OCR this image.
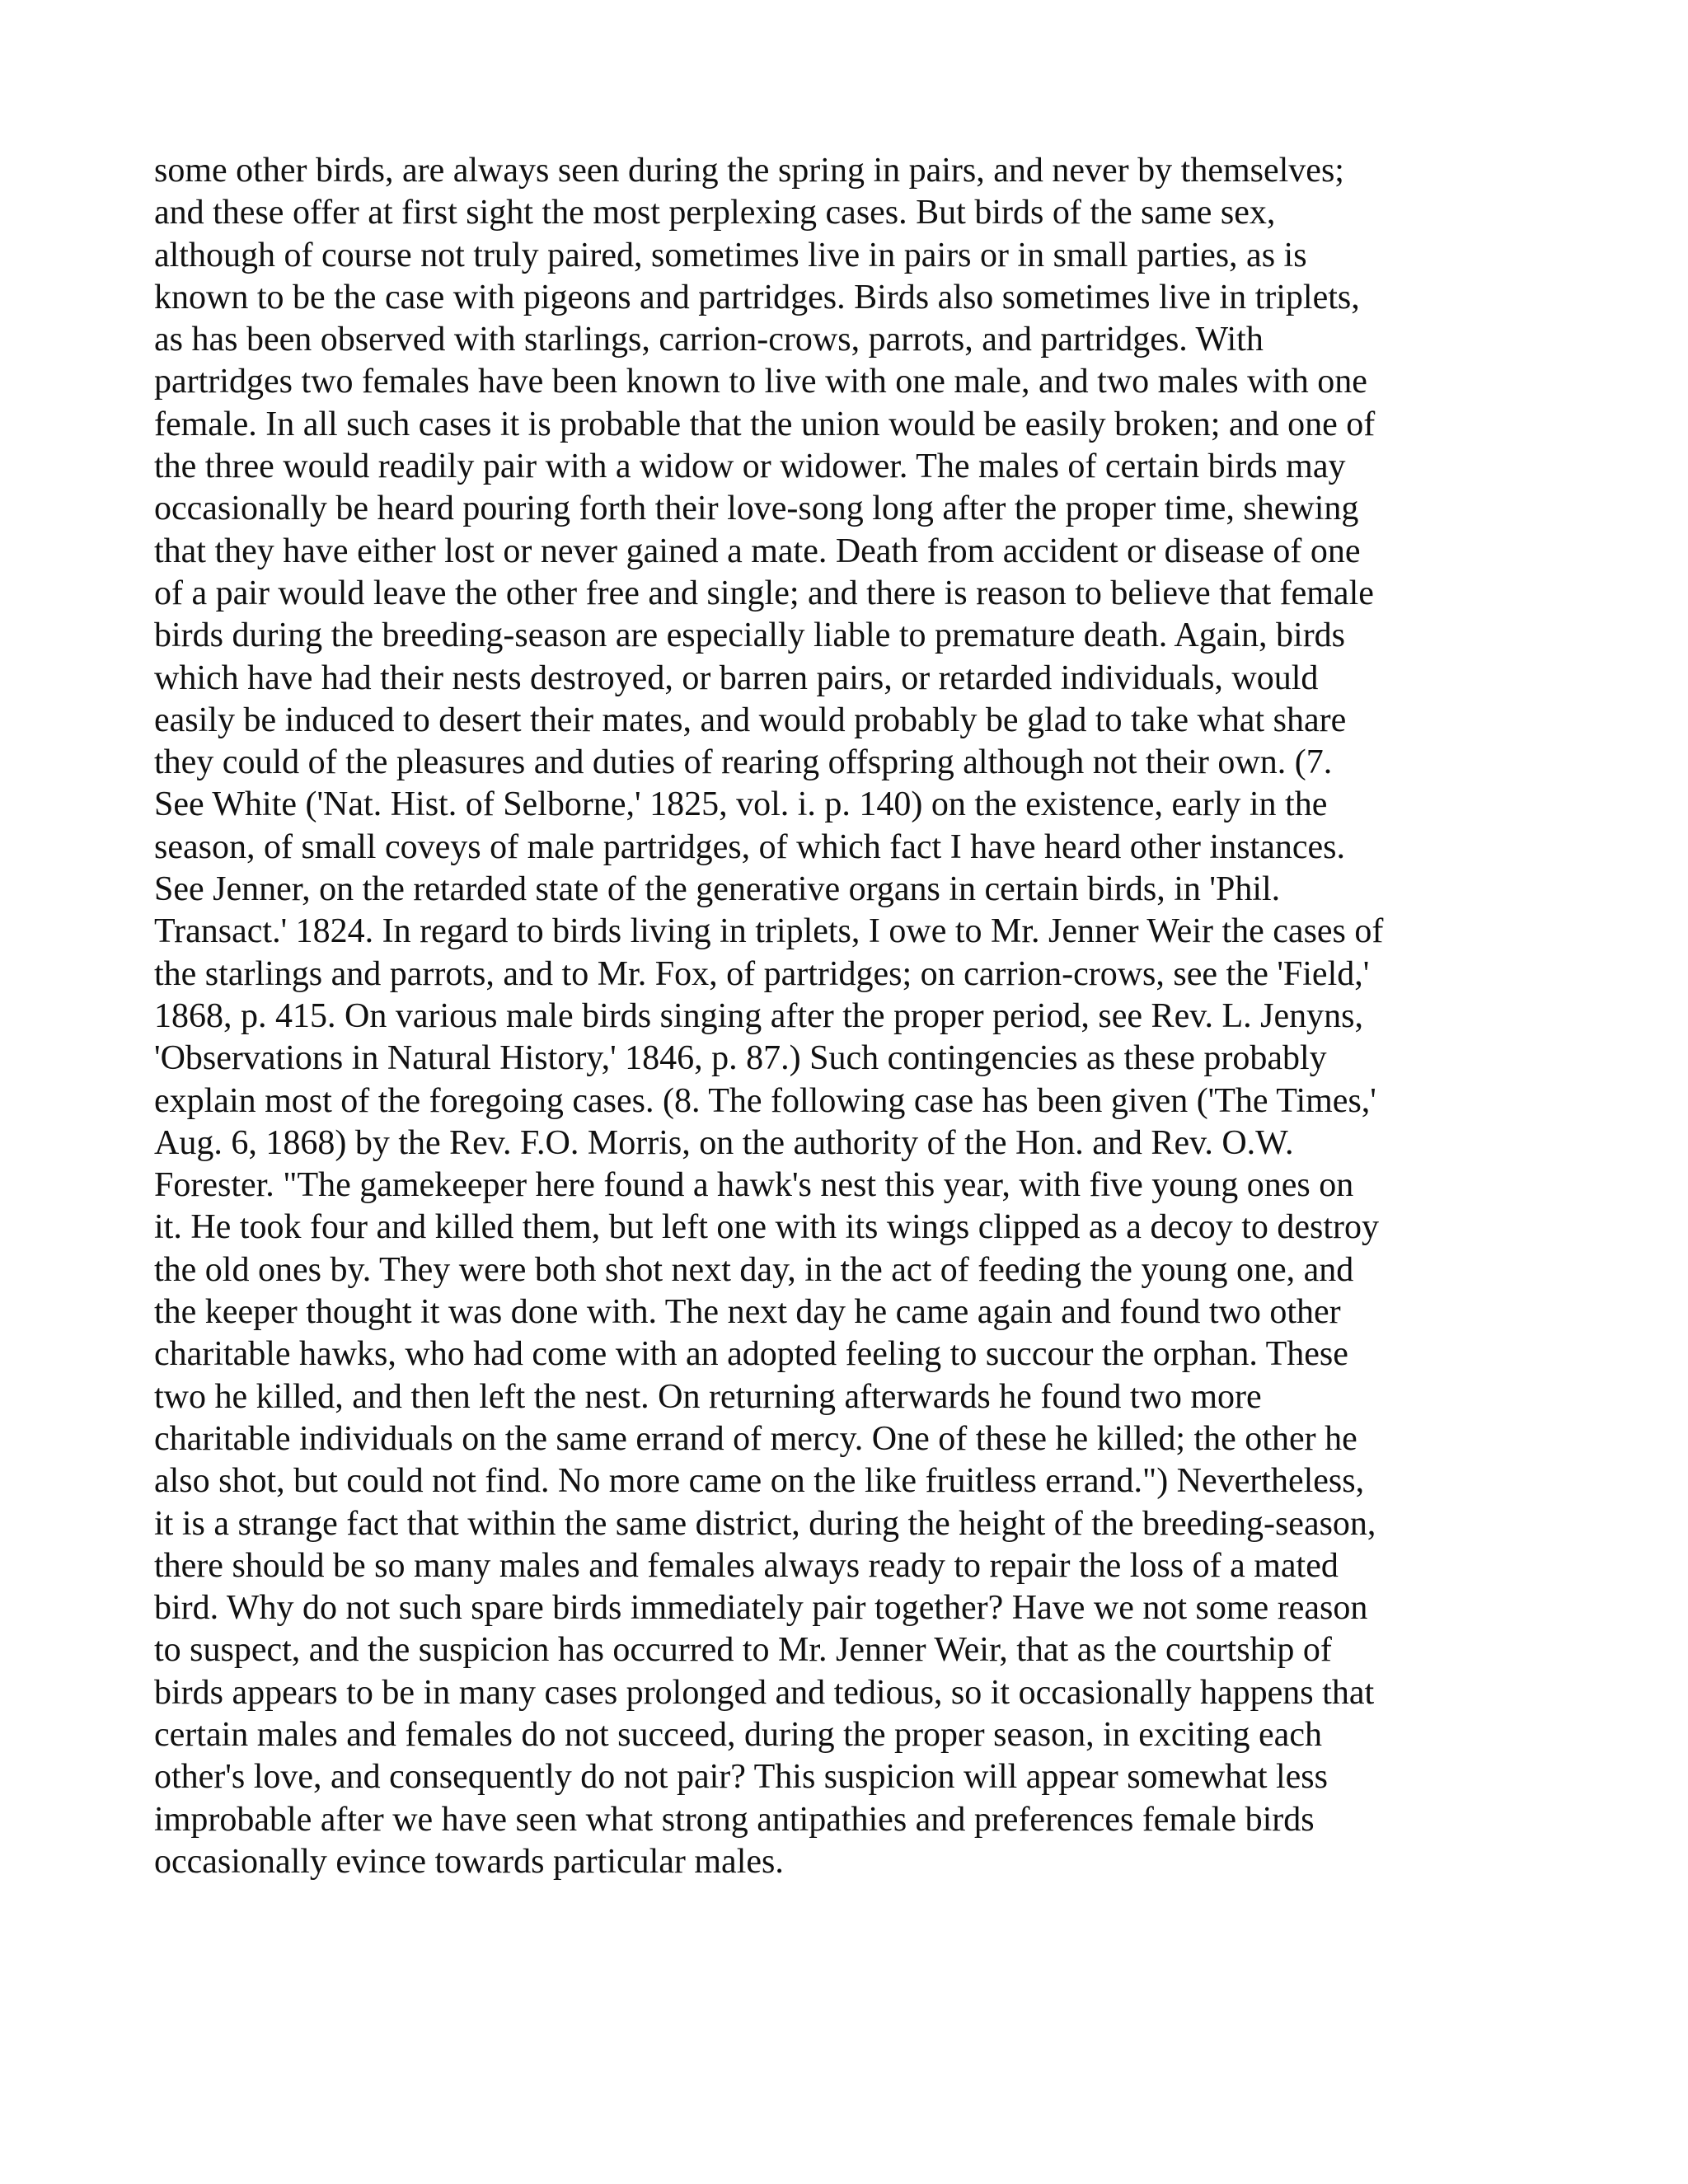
some other birds, are always seen during the spring in pairs, and never by themselves;
and these offer at first sight the most perplexing cases. But birds of the same sex,
although of course not truly paired, sometimes live in pairs or in small parties, as is
known to be the case with pigeons and partridges. Birds also sometimes live in triplets,
as has been observed with starlings, carrion-crows, parrots, and partridges. With
partridges two females have been known to live with one male, and two males with one
female. In all such cases it is probable that the union would be easily broken; and one of
the three would readily pair with a widow or widower. The males of certain birds may
occasionally be heard pouring forth their love-song long after the proper time, shewing
that they have either lost or never gained a mate. Death from accident or disease of one
of a pair would leave the other free and single; and there is reason to believe that female
birds during the breeding-season are especially liable to premature death. Again, birds
which have had their nests destroyed, or barren pairs, or retarded individuals, would
easily be induced to desert their mates, and would probably be glad to take what share
they could of the pleasures and duties of rearing offspring although not their own. (7.
See White ('Nat. Hist. of Selborne,' 1825, vol. i. p. 140) on the existence, early in the
season, of small coveys of male partridges, of which fact I have heard other instances.
See Jenner, on the retarded state of the generative organs in certain birds, in 'Phil.
Transact.' 1824. In regard to birds living in triplets, I owe to Mr. Jenner Weir the cases of
the starlings and parrots, and to Mr. Fox, of partridges; on carrion-crows, see the 'Field,'
1868, p. 415. On various male birds singing after the proper period, see Rev. L. Jenyns,
'Observations in Natural History,' 1846, p. 87.) Such contingencies as these probably
explain most of the foregoing cases. (8. The following case has been given ('The Times,'
Aug. 6, 1868) by the Rev. F.O. Morris, on the authority of the Hon. and Rev. O.W.
Forester. "The gamekeeper here found a hawk's nest this year, with five young ones on
it. He took four and killed them, but left one with its wings clipped as a decoy to destroy
the old ones by. They were both shot next day, in the act of feeding the young one, and
the keeper thought it was done with. The next day he came again and found two other
charitable hawks, who had come with an adopted feeling to succour the orphan. These
two he killed, and then left the nest. On returning afterwards he found two more
charitable individuals on the same errand of mercy. One of these he killed; the other he
also shot, but could not find. No more came on the like fruitless errand.") Nevertheless,
it is a strange fact that within the same district, during the height of the breeding-season,
there should be so many males and females always ready to repair the loss of a mated
bird. Why do not such spare birds immediately pair together? Have we not some reason
to suspect, and the suspicion has occurred to Mr. Jenner Weir, that as the courtship of
birds appears to be in many cases prolonged and tedious, so it occasionally happens that
certain males and females do not succeed, during the proper season, in exciting each
other's love, and consequently do not pair? This suspicion will appear somewhat less
improbable after we have seen what strong antipathies and preferences female birds
occasionally evince towards particular males.
